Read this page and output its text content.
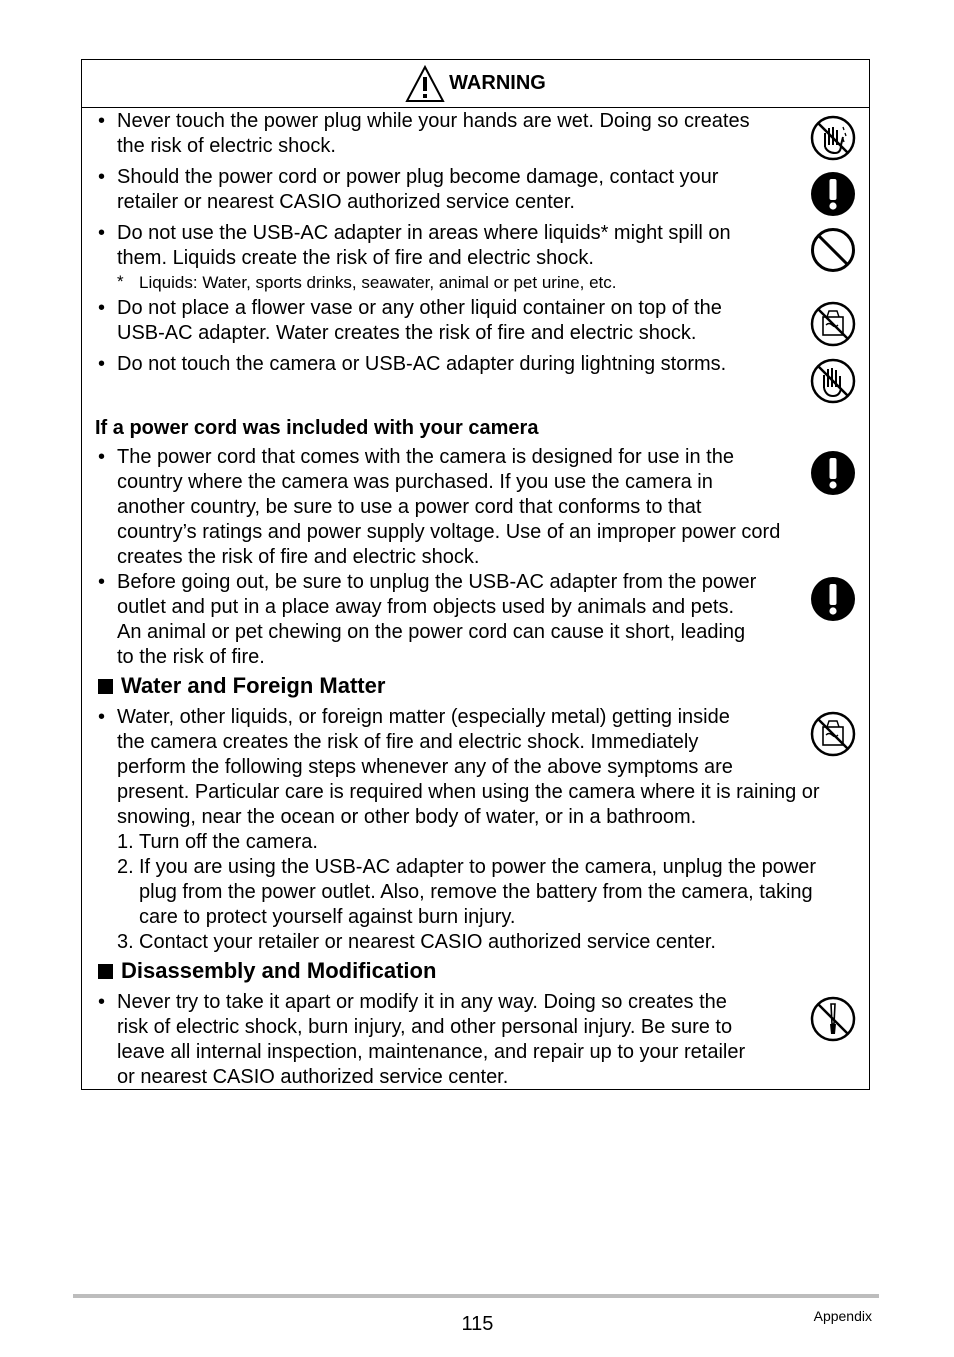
WARNING
• Never touch the power plug while your hands are wet. Doing so creates
the risk of electric shock.
• Should the power cord or power plug become damage, contact your
retailer or nearest CASIO authorized service center.
• Do not use the USB-AC adapter in areas where liquids* might spill on
them. Liquids create the risk of fire and electric shock.
* Liquids: Water, sports drinks, seawater, animal or pet urine, etc.
• Do not place a flower vase or any other liquid container on top of the
USB-AC adapter. Water creates the risk of fire and electric shock.
• Do not touch the camera or USB-AC adapter during lightning storms.
If a power cord was included with your camera
• The power cord that comes with the camera is designed for use in the
country where the camera was purchased. If you use the camera in
another country, be sure to use a power cord that conforms to that
country’s ratings and power supply voltage. Use of an improper power cord
creates the risk of fire and electric shock.
• Before going out, be sure to unplug the USB-AC adapter from the power
outlet and put in a place away from objects used by animals and pets.
An animal or pet chewing on the power cord can cause it short, leading
to the risk of fire.
Water and Foreign Matter
• Water, other liquids, or foreign matter (especially metal) getting inside
the camera creates the risk of fire and electric shock. Immediately
perform the following steps whenever any of the above symptoms are
present. Particular care is required when using the camera where it is raining or
snowing, near the ocean or other body of water, or in a bathroom.
1. Turn off the camera.
2. If you are using the USB-AC adapter to power the camera, unplug the power
plug from the power outlet. Also, remove the battery from the camera, taking
care to protect yourself against burn injury.
3. Contact your retailer or nearest CASIO authorized service center.
Disassembly and Modification
• Never try to take it apart or modify it in any way. Doing so creates the
risk of electric shock, burn injury, and other personal injury. Be sure to
leave all internal inspection, maintenance, and repair up to your retailer
or nearest CASIO authorized service center.
115	Appendix
